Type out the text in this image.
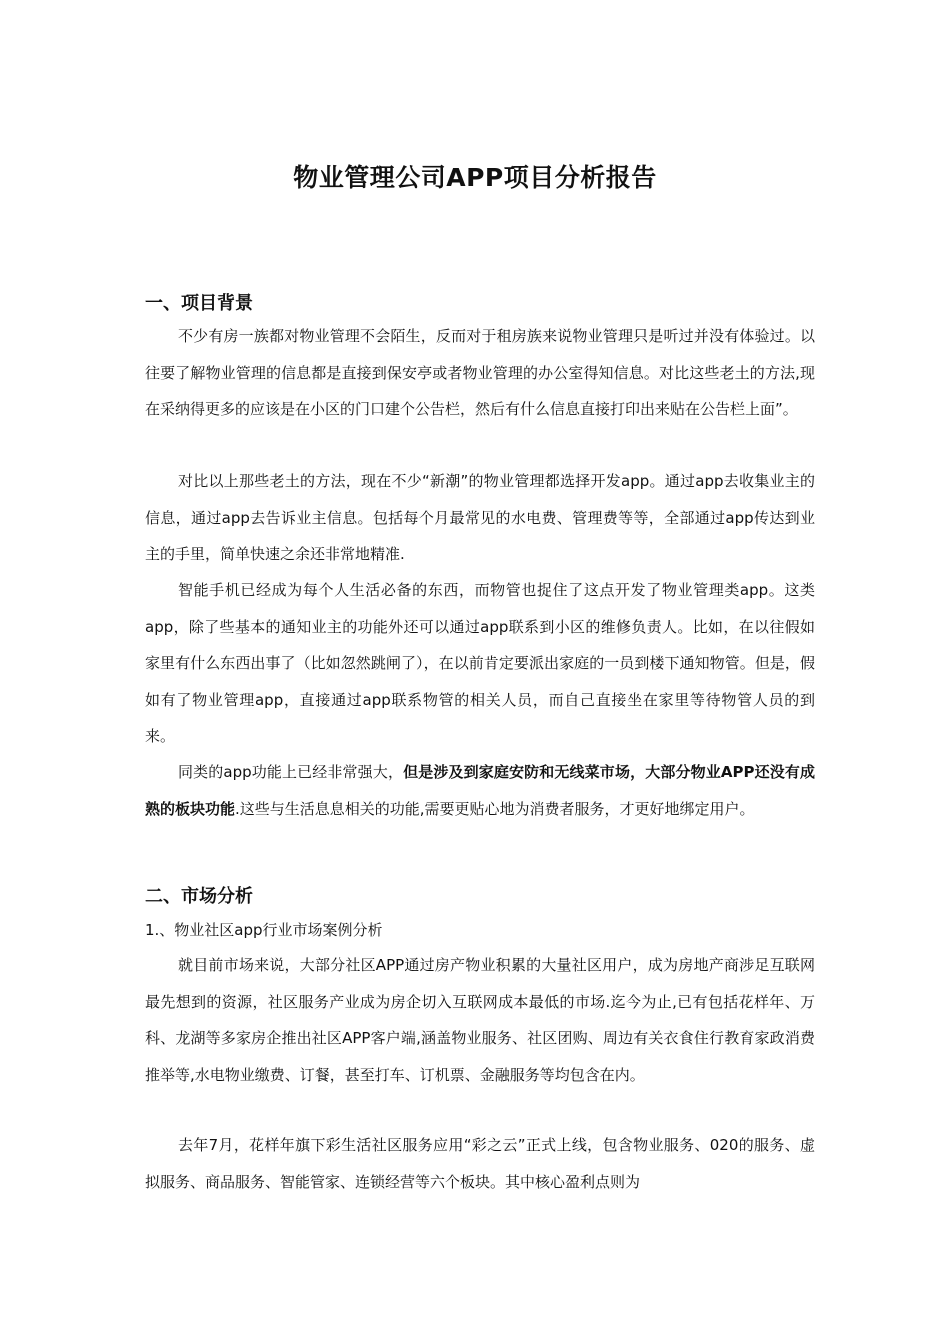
物业管理公司APP项目分析报告
一、项目背景
不少有房一族都对物业管理不会陌生，反而对于租房族来说物业管理只是听过并没有体验过。以往要了解物业管理的信息都是直接到保安亭或者物业管理的办公室得知信息。对比这些老土的方法,现在采纳得更多的应该是在小区的门口建个公告栏，然后有什么信息直接打印出来贴在公告栏上面”。
对比以上那些老土的方法，现在不少“新潮”的物业管理都选择开发app。通过app去收集业主的信息，通过app去告诉业主信息。包括每个月最常见的水电费、管理费等等，全部通过app传达到业主的手里，简单快速之余还非常地精准.
智能手机已经成为每个人生活必备的东西，而物管也捉住了这点开发了物业管理类app。这类app，除了些基本的通知业主的功能外还可以通过app联系到小区的维修负责人。比如，在以往假如家里有什么东西出事了（比如忽然跳闸了），在以前肯定要派出家庭的一员到楼下通知物管。但是，假如有了物业管理app，直接通过app联系物管的相关人员，而自己直接坐在家里等待物管人员的到来。
同类的app功能上已经非常强大，但是涉及到家庭安防和无线菜市场，大部分物业APP还没有成熟的板块功能.这些与生活息息相关的功能,需要更贴心地为消费者服务，才更好地绑定用户。
二、市场分析
1.、物业社区app行业市场案例分析
就目前市场来说，大部分社区APP通过房产物业积累的大量社区用户，成为房地产商涉足互联网最先想到的资源，社区服务产业成为房企切入互联网成本最低的市场.迄今为止,已有包括花样年、万科、龙湖等多家房企推出社区APP客户端,涵盖物业服务、社区团购、周边有关衣食住行教育家政消费推举等,水电物业缴费、订餐，甚至打车、订机票、金融服务等均包含在内。
去年7月，花样年旗下彩生活社区服务应用“彩之云”正式上线，包含物业服务、020的服务、虚拟服务、商品服务、智能管家、连锁经营等六个板块。其中核心盈利点则为
